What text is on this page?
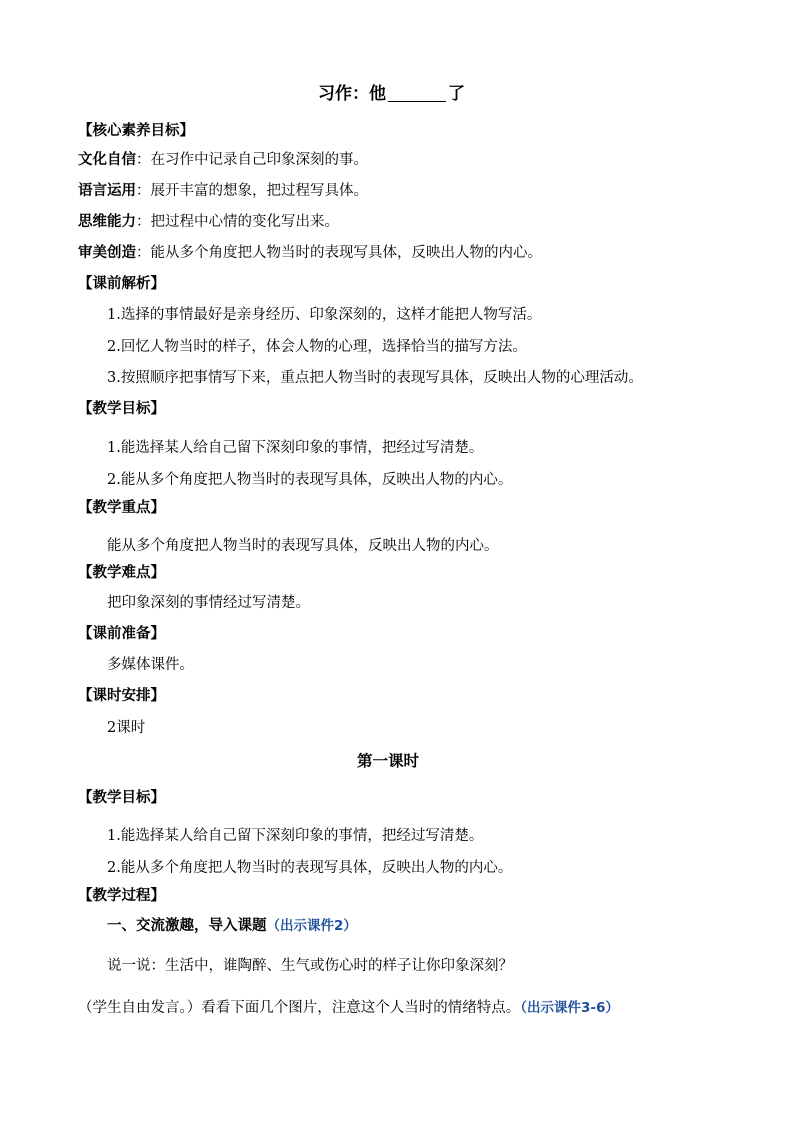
习作：他	了
【核心素养目标】
文化自信：在习作中记录自己印象深刻的事。
语言运用：展开丰富的想象，把过程写具体。
思维能力：把过程中心情的变化写出来。
审美创造：能从多个角度把人物当时的表现写具体，反映出人物的内心。
【课前解析】
1.选择的事情最好是亲身经历、印象深刻的，这样才能把人物写活。
2.回忆人物当时的样子，体会人物的心理，选择恰当的描写方法。
3.按照顺序把事情写下来，重点把人物当时的表现写具体，反映出人物的心理活动。
【教学目标】
1.能选择某人给自己留下深刻印象的事情，把经过写清楚。
2.能从多个角度把人物当时的表现写具体，反映出人物的内心。
【教学重点】
能从多个角度把人物当时的表现写具体，反映出人物的内心。
【教学难点】
把印象深刻的事情经过写清楚。
【课前准备】
多媒体课件。
【课时安排】
2课时
第一课时
【教学目标】
1.能选择某人给自己留下深刻印象的事情，把经过写清楚。
2.能从多个角度把人物当时的表现写具体，反映出人物的内心。
【教学过程】
一、交流激趣，导入课题（出示课件2）
说一说：生活中，谁陶醉、生气或伤心时的样子让你印象深刻？
（学生自由发言。）看看下面几个图片，注意这个人当时的情绪特点。（出示课件3-6）
